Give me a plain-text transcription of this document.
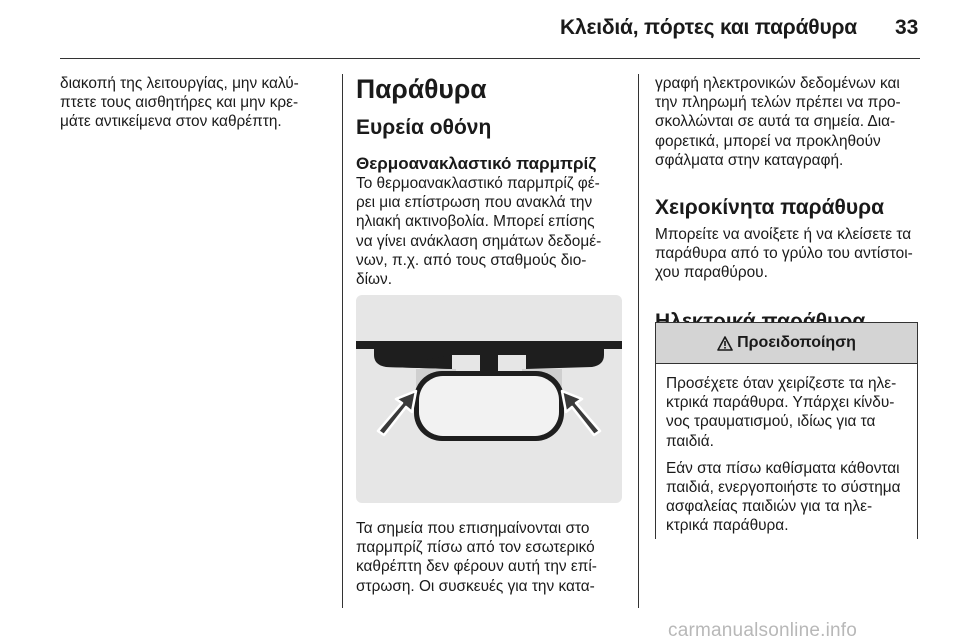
Κλειδιά, πόρτες και παράθυρα 33

διακοπή της λειτουργίας, μην καλύ-
πτετε τους αισθητήρες και μην κρε-
μάτε αντικείμενα στον καθρέπτη.

Παράθυρα
Ευρεία οθόνη
Θερμοανακλαστικό παρμπρίζ

Το θερμοανακλαστικό παρμπρίζ φέ-
ρει μια επίστρωση που ανακλά την
ηλιακή ακτινοβολία. Μπορεί επίσης
να γίνει ανάκλαση σημάτων δεδομέ-
νων, π.χ. από τους σταθμούς διο-
δίων.

Τα σημεία που επισημαίνονται στο
παρμπρίζ πίσω από τον εσωτερικό
καθρέπτη δεν φέρουν αυτή την επί-
στρωση. Οι συσκευές για την κατα-

γραφή ηλεκτρονικών δεδομένων και
την πληρωμή τελών πρέπει να προ-
σκολλώνται σε αυτά τα σημεία. Δια-
φορετικά, μπορεί να προκληθούν
σφάλματα στην καταγραφή.

Χειροκίνητα παράθυρα

Μπορείτε να ανοίξετε ή να κλείσετε τα
παράθυρα από το γρύλο του αντίστοι-
χου παραθύρου.

Προειδοποίηση

Προσέχετε όταν χειρίζεστε τα ηλε-
κτρικά παράθυρα. Υπάρχει κίνδυ-
νος τραυματισμού, ιδίως για τα
παιδιά.

Εάν στα πίσω καθίσματα κάθονται
παιδιά, ενεργοποιήστε το σύστημα
ασφαλείας παιδιών για τα ηλε-
κτρικά παράθυρα.

carmanualsonline.info
